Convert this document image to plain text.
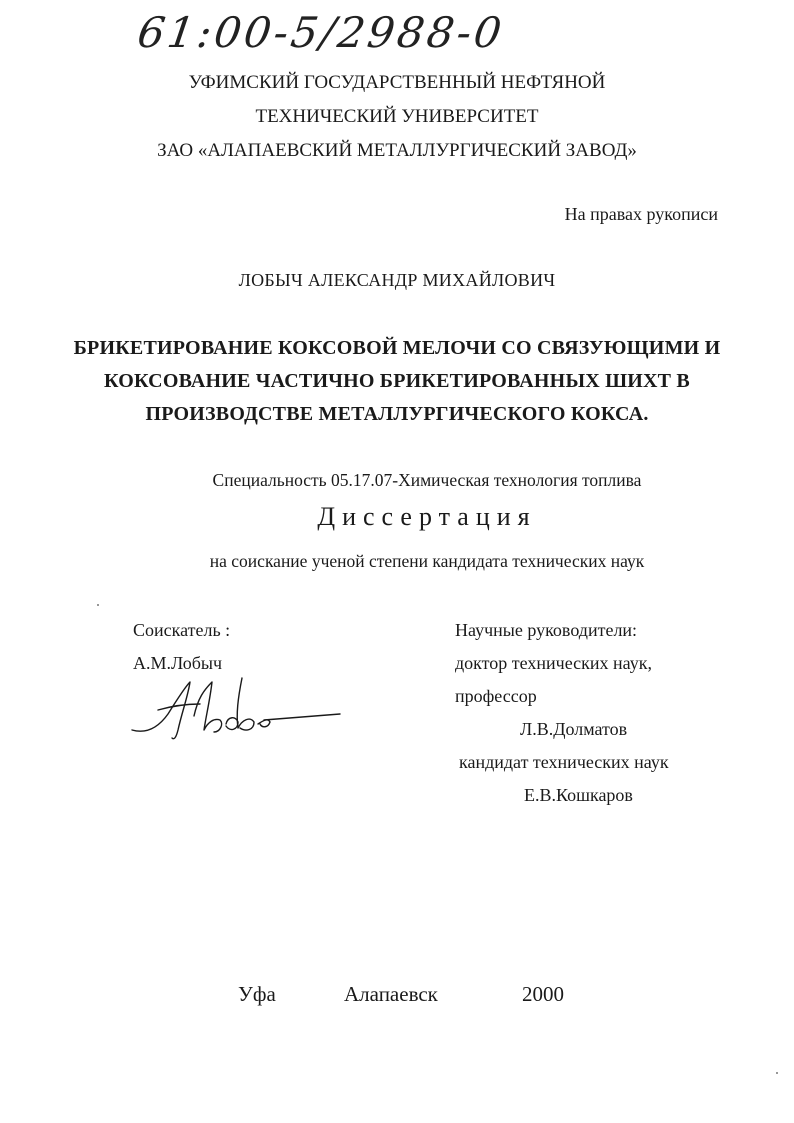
61:00-5/2988-0
УФИМСКИЙ ГОСУДАРСТВЕННЫЙ НЕФТЯНОЙ
ТЕХНИЧЕСКИЙ УНИВЕРСИТЕТ
ЗАО «АЛАПАЕВСКИЙ МЕТАЛЛУРГИЧЕСКИЙ ЗАВОД»
На правах рукописи
ЛОБЫЧ АЛЕКСАНДР МИХАЙЛОВИЧ
БРИКЕТИРОВАНИЕ КОКСОВОЙ МЕЛОЧИ СО СВЯЗУЮЩИМИ И
КОКСОВАНИЕ ЧАСТИЧНО БРИКЕТИРОВАННЫХ ШИХТ В
ПРОИЗВОДСТВЕ МЕТАЛЛУРГИЧЕСКОГО КОКСА.
Специальность 05.17.07-Химическая технология топлива
Диссертация
на соискание ученой степени кандидата технических наук
Соискатель :
А.М.Лобыч
Научные руководители:
доктор технических наук,
профессор
Л.В.Долматов
кандидат технических наук
Е.В.Кошкаров
Уфа	Алапаевск	2000
